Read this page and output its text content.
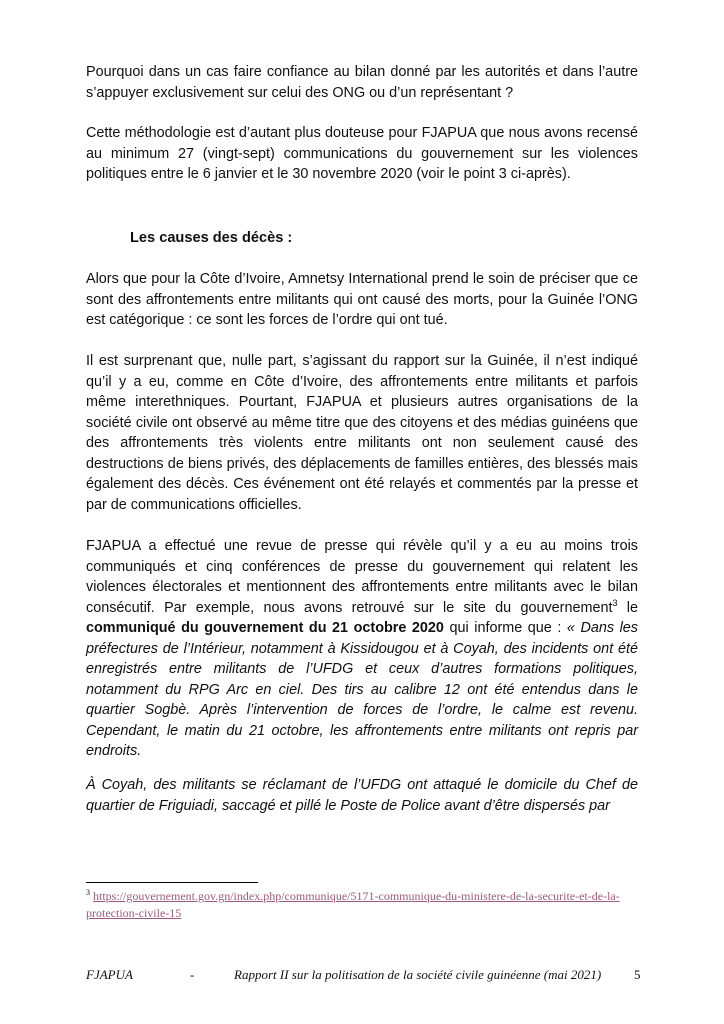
Pourquoi dans un cas faire confiance au bilan donné par les autorités et dans l’autre s’appuyer exclusivement sur celui des ONG ou d’un représentant ?

Cette méthodologie est d’autant plus douteuse pour FJAPUA que nous avons recensé au minimum 27 (vingt-sept) communications du gouvernement sur les violences politiques entre le 6 janvier et le 30 novembre 2020 (voir le point 3 ci-après).

Les causes des décès :

Alors que pour la Côte d’Ivoire, Amnetsy International prend le soin de préciser que ce sont des affrontements entre militants qui ont causé des morts, pour la Guinée l’ONG est catégorique : ce sont les forces de l’ordre qui ont tué.

Il est surprenant que, nulle part, s’agissant du rapport sur la Guinée, il n’est indiqué qu’il y a eu, comme en Côte d’Ivoire, des affrontements entre militants et parfois même interethniques. Pourtant, FJAPUA et plusieurs autres organisations de la société civile ont observé au même titre que des citoyens et des médias guinéens que des affrontements très violents entre militants ont non seulement causé des destructions de biens privés, des déplacements de familles entières, des blessés mais également des décès. Ces événement ont été relayés et commentés par la presse et par de communications officielles.

FJAPUA a effectué une revue de presse qui révèle qu’il y a eu au moins trois communiqués et cinq conférences de presse du gouvernement qui relatent les violences électorales et mentionnent des affrontements entre militants avec le bilan consécutif. Par exemple, nous avons retrouvé sur le site du gouvernement$^3$ le communiqué du gouvernement du 21 octobre 2020 qui informe que : « Dans les préfectures de l’Intérieur, notamment à Kissidougou et à Coyah, des incidents ont été enregistrés entre militants de l’UFDG et ceux d’autres formations politiques, notamment du RPG Arc en ciel. Des tirs au calibre 12 ont été entendus dans le quartier Sogbè. Après l’intervention de forces de l’ordre, le calme est revenu. Cependant, le matin du 21 octobre, les affrontements entre militants ont repris par endroits.

À Coyah, des militants se réclamant de l’UFDG ont attaqué le domicile du Chef de quartier de Friguiadi, saccagé et pillé le Poste de Police avant d’être dispersés par

$^3$ https://gouvernement.gov.gn/index.php/communique/5171-communique-du-ministere-de-la-securite-et-de-la-protection-civile-15

FJAPUA	-	Rapport II sur la politisation de la société civile guinéenne (mai 2021)	5
